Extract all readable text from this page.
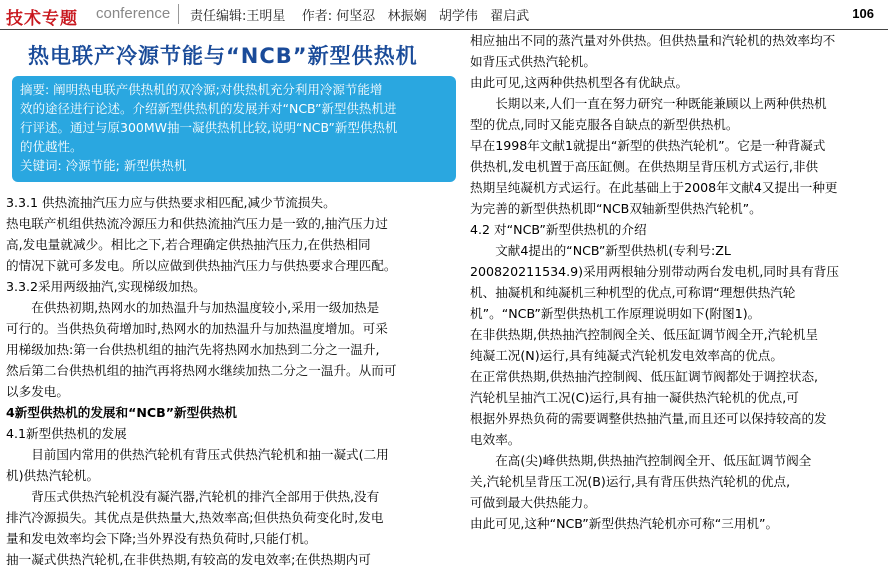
技术专题 conference 责任编辑:王明星 作者: 何坚忍 林振娴 胡学伟 翟启武	106
热电联产冷源节能与“NCB”新型供热机
摘要: 阐明热电联产供热机的双冷源;对供热机充分利用冷源节能增
效的途径进行论述。介绍新型供热机的发展并对“NCB”新型供热机进
行评述。通过与原300MW抽一凝供热机比较,说明“NCB”新型供热机
的优越性。
关键词: 冷源节能; 新型供热机

3.3.1 供热流抽汽压力应与供热要求相匹配,减少节流损失。

热电联产机组供热流冷源压力和供热流抽汽压力是一致的,抽汽压力过

高,发电量就减少。相比之下,若合理确定供热抽汽压力,在供热相同

的情况下就可多发电。所以应做到供热抽汽压力与供热要求合理匹配。

3.3.2采用两级抽汽,实现梯级加热。

在供热初期,热网水的加热温升与加热温度较小,采用一级加热是

可行的。当供热负荷增加时,热网水的加热温升与加热温度增加。可采

用梯级加热:第一台供热机组的抽汽先将热网水加热到二分之一温升,

然后第二台供热机组的抽汽再将热网水继续加热二分之一温升。从而可

以多发电。

4新型供热机的发展和“NCB”新型供热机

4.1新型供热机的发展

目前国内常用的供热汽轮机有背压式供热汽轮机和抽一凝式(二用

机)供热汽轮机。

背压式供热汽轮机没有凝汽器,汽轮机的排汽全部用于供热,没有

排汽冷源损失。其优点是供热量大,热效率高;但供热负荷变化时,发电

量和发电效率均会下降;当外界没有热负荷时,只能仃机。

抽一凝式供热汽轮机,在非供热期,有较高的发电效率;在供热期内可

相应抽出不同的蒸汽量对外供热。但供热量和汽轮机的热效率均不

如背压式供热汽轮机。

由此可见,这两种供热机型各有优缺点。

长期以来,人们一直在努力研究一种既能兼顾以上两种供热机

型的优点,同时又能克服各自缺点的新型供热机。

早在1998年文献1就提出“新型的供热汽轮机”。它是一种背凝式

供热机,发电机置于高压缸侧。在供热期呈背压机方式运行,非供

热期呈纯凝机方式运行。在此基础上于2008年文献4又提出一种更

为完善的新型供热机即“NCB双轴新型供热汽轮机”。

4.2 对“NCB”新型供热机的介绍

文献4提出的“NCB”新型供热机(专利号:ZL

200820211534.9)采用两根轴分别带动两台发电机,同时具有背压

机、抽凝机和纯凝机三种机型的优点,可称谓“理想供热汽轮

机”。“NCB”新型供热机工作原理说明如下(附图1)。

在非供热期,供热抽汽控制阀全关、低压缸调节阀全开,汽轮机呈

纯凝工况(N)运行,具有纯凝式汽轮机发电效率高的优点。

在正常供热期,供热抽汽控制阀、低压缸调节阀都处于调控状态,

汽轮机呈抽汽工况(C)运行,具有抽一凝供热汽轮机的优点,可

根据外界热负荷的需要调整供热抽汽量,而且还可以保持较高的发

电效率。

在高(尖)峰供热期,供热抽汽控制阀全开、低压缸调节阀全

关,汽轮机呈背压工况(B)运行,具有背压供热汽轮机的优点,

可做到最大供热能力。

由此可见,这种“NCB”新型供热汽轮机亦可称“三用机”。
